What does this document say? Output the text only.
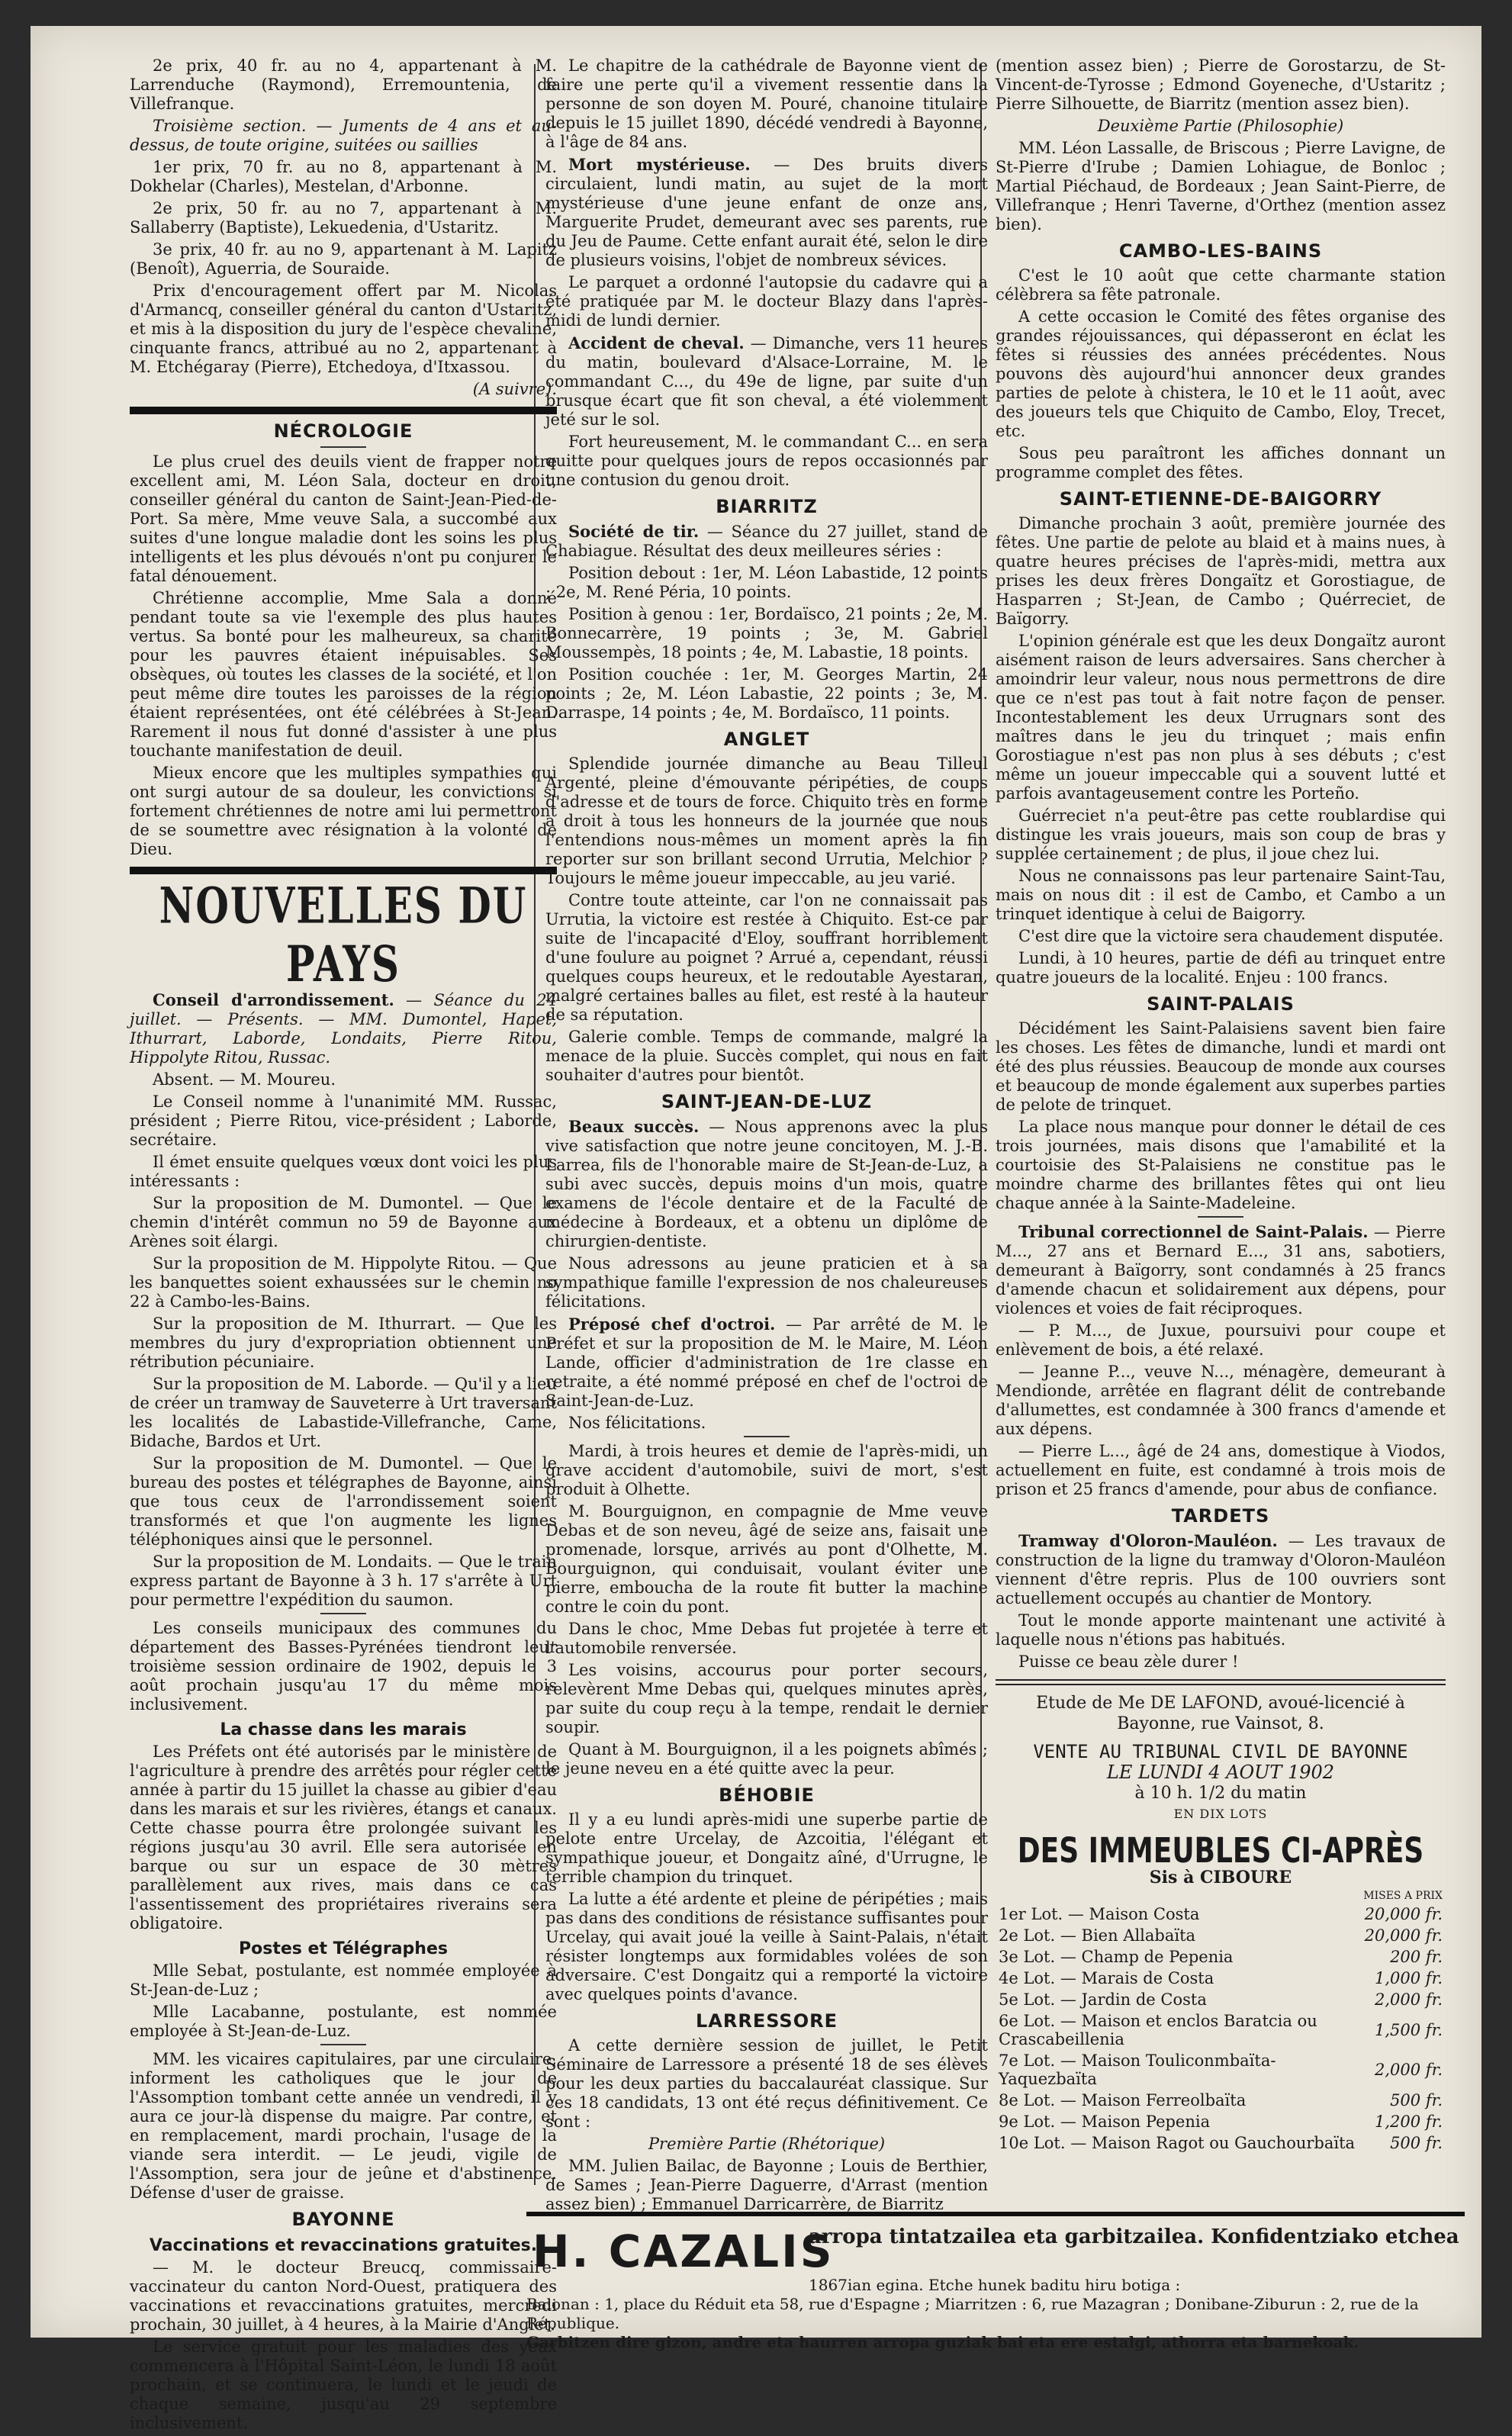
2e prix, 40 fr. au no 4, appartenant à M. Larrenduche (Raymond), Erremountenia, de Villefranque.

Troisième section. — Juments de 4 ans et au-dessus, de toute origine, suitées ou saillies

1er prix, 70 fr. au no 8, appartenant à M. Dokhelar (Charles), Mestelan, d'Arbonne.

2e prix, 50 fr. au no 7, appartenant à M. Sallaberry (Baptiste), Lekuedenia, d'Ustaritz.

3e prix, 40 fr. au no 9, appartenant à M. Lapitz (Benoît), Aguerria, de Souraide.

Prix d'encouragement offert par M. Nicolas d'Armancq, conseiller général du canton d'Ustaritz, et mis à la disposition du jury de l'espèce chevaline, cinquante francs, attribué au no 2, appartenant à M. Etchégaray (Pierre), Etchedoya, d'Itxassou.

(A suivre).

NÉCROLOGIE

Le plus cruel des deuils vient de frapper notre excellent ami, M. Léon Sala, docteur en droit, conseiller général du canton de Saint-Jean-Pied-de-Port. Sa mère, Mme veuve Sala, a succombé aux suites d'une longue maladie dont les soins les plus intelligents et les plus dévoués n'ont pu conjurer le fatal dénouement.

Chrétienne accomplie, Mme Sala a donné pendant toute sa vie l'exemple des plus hautes vertus. Sa bonté pour les malheureux, sa charité pour les pauvres étaient inépuisables. Ses obsèques, où toutes les classes de la société, et l'on peut même dire toutes les paroisses de la région étaient représentées, ont été célébrées à St-Jean. Rarement il nous fut donné d'assister à une plus touchante manifestation de deuil.

Mieux encore que les multiples sympathies qui ont surgi autour de sa douleur, les convictions si fortement chrétiennes de notre ami lui permettront de se soumettre avec résignation à la volonté de Dieu.

NOUVELLES DU PAYS

Conseil d'arrondissement. — Séance du 24 juillet. — Présents. — MM. Dumontel, Hapet, Ithurrart, Laborde, Londaits, Pierre Ritou, Hippolyte Ritou, Russac.

Absent. — M. Moureu.

Le Conseil nomme à l'unanimité MM. Russac, président ; Pierre Ritou, vice-président ; Laborde, secrétaire.

Il émet ensuite quelques vœux dont voici les plus intéressants :

Sur la proposition de M. Dumontel. — Que le chemin d'intérêt commun no 59 de Bayonne aux Arènes soit élargi.

Sur la proposition de M. Hippolyte Ritou. — Que les banquettes soient exhaussées sur le chemin no 22 à Cambo-les-Bains.

Sur la proposition de M. Ithurrart. — Que les membres du jury d'expropriation obtiennent une rétribution pécuniaire.

Sur la proposition de M. Laborde. — Qu'il y a lieu de créer un tramway de Sauveterre à Urt traversant les localités de Labastide-Villefranche, Came, Bidache, Bardos et Urt.

Sur la proposition de M. Dumontel. — Que le bureau des postes et télégraphes de Bayonne, ainsi que tous ceux de l'arrondissement soient transformés et que l'on augmente les lignes téléphoniques ainsi que le personnel.

Sur la proposition de M. Londaits. — Que le train express partant de Bayonne à 3 h. 17 s'arrête à Urt pour permettre l'expédition du saumon.

Les conseils municipaux des communes du département des Basses-Pyrénées tiendront leur troisième session ordinaire de 1902, depuis le 3 août prochain jusqu'au 17 du même mois inclusivement.

La chasse dans les marais

Les Préfets ont été autorisés par le ministère de l'agriculture à prendre des arrêtés pour régler cette année à partir du 15 juillet la chasse au gibier d'eau dans les marais et sur les rivières, étangs et canaux. Cette chasse pourra être prolongée suivant les régions jusqu'au 30 avril. Elle sera autorisée en barque ou sur un espace de 30 mètres parallèlement aux rives, mais dans ce cas l'assentissement des propriétaires riverains sera obligatoire.

Postes et Télégraphes

Mlle Sebat, postulante, est nommée employée à St-Jean-de-Luz ;

Mlle Lacabanne, postulante, est nommée employée à St-Jean-de-Luz.

MM. les vicaires capitulaires, par une circulaire, informent les catholiques que le jour de l'Assomption tombant cette année un vendredi, il y aura ce jour-là dispense du maigre. Par contre, et en remplacement, mardi prochain, l'usage de la viande sera interdit. — Le jeudi, vigile de l'Assomption, sera jour de jeûne et d'abstinence. Défense d'user de graisse.

BAYONNE
Vaccinations et revaccinations gratuites.

— M. le docteur Breucq, commissaire-vaccinateur du canton Nord-Ouest, pratiquera des vaccinations et revaccinations gratuites, mercredi prochain, 30 juillet, à 4 heures, à la Mairie d'Anglet.

Le service gratuit pour les maladies des yeux commencera à l'Hôpital Saint-Léon, le lundi 18 août prochain, et se continuera, le lundi et le jeudi de chaque semaine, jusqu'au 29 septembre inclusivement.

Le chapitre de la cathédrale de Bayonne vient de faire une perte qu'il a vivement ressentie dans la personne de son doyen M. Pouré, chanoine titulaire depuis le 15 juillet 1890, décédé vendredi à Bayonne, à l'âge de 84 ans.

Mort mystérieuse. — Des bruits divers circulaient, lundi matin, au sujet de la mort mystérieuse d'une jeune enfant de onze ans, Marguerite Prudet, demeurant avec ses parents, rue du Jeu de Paume. Cette enfant aurait été, selon le dire de plusieurs voisins, l'objet de nombreux sévices.

Le parquet a ordonné l'autopsie du cadavre qui a été pratiquée par M. le docteur Blazy dans l'après-midi de lundi dernier.

Accident de cheval. — Dimanche, vers 11 heures du matin, boulevard d'Alsace-Lorraine, M. le commandant C..., du 49e de ligne, par suite d'un brusque écart que fit son cheval, a été violemment jeté sur le sol.

Fort heureusement, M. le commandant C... en sera quitte pour quelques jours de repos occasionnés par une contusion du genou droit.

BIARRITZ

Société de tir. — Séance du 27 juillet, stand de Chabiague. Résultat des deux meilleures séries :

Position debout : 1er, M. Léon Labastide, 12 points ; 2e, M. René Péria, 10 points.

Position à genou : 1er, Bordaïsco, 21 points ; 2e, M. Bonnecarrère, 19 points ; 3e, M. Gabriel Moussempès, 18 points ; 4e, M. Labastie, 18 points.

Position couchée : 1er, M. Georges Martin, 24 points ; 2e, M. Léon Labastie, 22 points ; 3e, M. Darraspe, 14 points ; 4e, M. Bordaïsco, 11 points.

ANGLET

Splendide journée dimanche au Beau Tilleul Argenté, pleine d'émouvante péripéties, de coups d'adresse et de tours de force. Chiquito très en forme a droit à tous les honneurs de la journée que nous l'entendions nous-mêmes un moment après la fin reporter sur son brillant second Urrutia, Melchior ? Toujours le même joueur impeccable, au jeu varié.

Contre toute atteinte, car l'on ne connaissait pas Urrutia, la victoire est restée à Chiquito. Est-ce par suite de l'incapacité d'Eloy, souffrant horriblement d'une foulure au poignet ? Arrué a, cependant, réussi quelques coups heureux, et le redoutable Ayestaran, malgré certaines balles au filet, est resté à la hauteur de sa réputation.

Galerie comble. Temps de commande, malgré la menace de la pluie. Succès complet, qui nous en fait souhaiter d'autres pour bientôt.

SAINT-JEAN-DE-LUZ

Beaux succès. — Nous apprenons avec la plus vive satisfaction que notre jeune concitoyen, M. J.-B. Larrea, fils de l'honorable maire de St-Jean-de-Luz, a subi avec succès, depuis moins d'un mois, quatre examens de l'école dentaire et de la Faculté de médecine à Bordeaux, et a obtenu un diplôme de chirurgien-dentiste.

Nous adressons au jeune praticien et à sa sympathique famille l'expression de nos chaleureuses félicitations.

Préposé chef d'octroi. — Par arrêté de M. le Préfet et sur la proposition de M. le Maire, M. Léon Lande, officier d'administration de 1re classe en retraite, a été nommé préposé en chef de l'octroi de Saint-Jean-de-Luz.

Nos félicitations.

Mardi, à trois heures et demie de l'après-midi, un grave accident d'automobile, suivi de mort, s'est produit à Olhette.

M. Bourguignon, en compagnie de Mme veuve Debas et de son neveu, âgé de seize ans, faisait une promenade, lorsque, arrivés au pont d'Olhette, M. Bourguignon, qui conduisait, voulant éviter une pierre, emboucha de la route fit butter la machine contre le coin du pont.

Dans le choc, Mme Debas fut projetée à terre et l'automobile renversée.

Les voisins, accourus pour porter secours, relevèrent Mme Debas qui, quelques minutes après, par suite du coup reçu à la tempe, rendait le dernier soupir.

Quant à M. Bourguignon, il a les poignets abîmés ; le jeune neveu en a été quitte avec la peur.

BÉHOBIE

Il y a eu lundi après-midi une superbe partie de pelote entre Urcelay, de Azcoitia, l'élégant et sympathique joueur, et Dongaitz aîné, d'Urrugne, le terrible champion du trinquet.

La lutte a été ardente et pleine de péripéties ; mais pas dans des conditions de résistance suffisantes pour Urcelay, qui avait joué la veille à Saint-Palais, n'était résister longtemps aux formidables volées de son adversaire. C'est Dongaitz qui a remporté la victoire avec quelques points d'avance.

LARRESSORE

A cette dernière session de juillet, le Petit Séminaire de Larressore a présenté 18 de ses élèves pour les deux parties du baccalauréat classique. Sur ces 18 candidats, 13 ont été reçus définitivement. Ce sont :

Première Partie (Rhétorique)

MM. Julien Bailac, de Bayonne ; Louis de Berthier, de Sames ; Jean-Pierre Daguerre, d'Arrast (mention assez bien) ; Emmanuel Darricarrère, de Biarritz

(mention assez bien) ; Pierre de Gorostarzu, de St-Vincent-de-Tyrosse ; Edmond Goyeneche, d'Ustaritz ; Pierre Silhouette, de Biarritz (mention assez bien).

Deuxième Partie (Philosophie)

MM. Léon Lassalle, de Briscous ; Pierre Lavigne, de St-Pierre d'Irube ; Damien Lohiague, de Bonloc ; Martial Piéchaud, de Bordeaux ; Jean Saint-Pierre, de Villefranque ; Henri Taverne, d'Orthez (mention assez bien).

CAMBO-LES-BAINS

C'est le 10 août que cette charmante station célèbrera sa fête patronale.

A cette occasion le Comité des fêtes organise des grandes réjouissances, qui dépasseront en éclat les fêtes si réussies des années précédentes. Nous pouvons dès aujourd'hui annoncer deux grandes parties de pelote à chistera, le 10 et le 11 août, avec des joueurs tels que Chiquito de Cambo, Eloy, Trecet, etc.

Sous peu paraîtront les affiches donnant un programme complet des fêtes.

SAINT-ETIENNE-DE-BAIGORRY

Dimanche prochain 3 août, première journée des fêtes. Une partie de pelote au blaid et à mains nues, à quatre heures précises de l'après-midi, mettra aux prises les deux frères Dongaïtz et Gorostiague, de Hasparren ; St-Jean, de Cambo ; Quérreciet, de Baïgorry.

L'opinion générale est que les deux Dongaïtz auront aisément raison de leurs adversaires. Sans chercher à amoindrir leur valeur, nous nous permettrons de dire que ce n'est pas tout à fait notre façon de penser. Incontestablement les deux Urrugnars sont des maîtres dans le jeu du trinquet ; mais enfin Gorostiague n'est pas non plus à ses débuts ; c'est même un joueur impeccable qui a souvent lutté et parfois avantageusement contre les Porteño.

Guérreciet n'a peut-être pas cette roublardise qui distingue les vrais joueurs, mais son coup de bras y supplée certainement ; de plus, il joue chez lui.

Nous ne connaissons pas leur partenaire Saint-Tau, mais on nous dit : il est de Cambo, et Cambo a un trinquet identique à celui de Baigorry.

C'est dire que la victoire sera chaudement disputée.

Lundi, à 10 heures, partie de défi au trinquet entre quatre joueurs de la localité. Enjeu : 100 francs.

SAINT-PALAIS

Décidément les Saint-Palaisiens savent bien faire les choses. Les fêtes de dimanche, lundi et mardi ont été des plus réussies. Beaucoup de monde aux courses et beaucoup de monde également aux superbes parties de pelote de trinquet.

La place nous manque pour donner le détail de ces trois journées, mais disons que l'amabilité et la courtoisie des St-Palaisiens ne constitue pas le moindre charme des brillantes fêtes qui ont lieu chaque année à la Sainte-Madeleine.

Tribunal correctionnel de Saint-Palais. — Pierre M..., 27 ans et Bernard E..., 31 ans, sabotiers, demeurant à Baïgorry, sont condamnés à 25 francs d'amende chacun et solidairement aux dépens, pour violences et voies de fait réciproques.

— P. M..., de Juxue, poursuivi pour coupe et enlèvement de bois, a été relaxé.

— Jeanne P..., veuve N..., ménagère, demeurant à Mendionde, arrêtée en flagrant délit de contrebande d'allumettes, est condamnée à 300 francs d'amende et aux dépens.

— Pierre L..., âgé de 24 ans, domestique à Viodos, actuellement en fuite, est condamné à trois mois de prison et 25 francs d'amende, pour abus de confiance.

TARDETS

Tramway d'Oloron-Mauléon. — Les travaux de construction de la ligne du tramway d'Oloron-Mauléon viennent d'être repris. Plus de 100 ouvriers sont actuellement occupés au chantier de Montory.

Tout le monde apporte maintenant une activité à laquelle nous n'étions pas habitués.

Puisse ce beau zèle durer !

Etude de Me DE LAFOND, avoué-licencié à
Bayonne, rue Vainsot, 8.
VENTE AU TRIBUNAL CIVIL DE BAYONNE
LE LUNDI 4 AOUT 1902
à 10 h. 1/2 du matin
EN DIX LOTS
DES IMMEUBLES CI-APRÈS
Sis à CIBOURE
	MISES A PRIX
1er Lot. — Maison Costa	20,000 fr.
2e Lot. — Bien Allabaïta	20,000 fr.
3e Lot. — Champ de Pepenia	200 fr.
4e Lot. — Marais de Costa	1,000 fr.
5e Lot. — Jardin de Costa	2,000 fr.
6e Lot. — Maison et enclos Baratcia ou Crascabeillenia	1,500 fr.
7e Lot. — Maison Touliconmbaïta-Yaquezbaïta	2,000 fr.
8e Lot. — Maison Ferreolbaïta	500 fr.
9e Lot. — Maison Pepenia	1,200 fr.
10e Lot. — Maison Ragot ou Gauchourbaïta	500 fr.
H. CAZALIS
arropa tintatzailea eta garbitzailea. Konfidentziako etchea
1867ian egina. Etche hunek baditu hiru botiga :
Baionan : 1, place du Réduit eta 58, rue d'Espagne ; Miarritzen : 6, rue Mazagran ; Donibane-Ziburun : 2, rue de la République.
Garbitzen dire gizon, andre eta haurren arropa guziak bai eta ere estalgi, athorra eta barnekoak.
